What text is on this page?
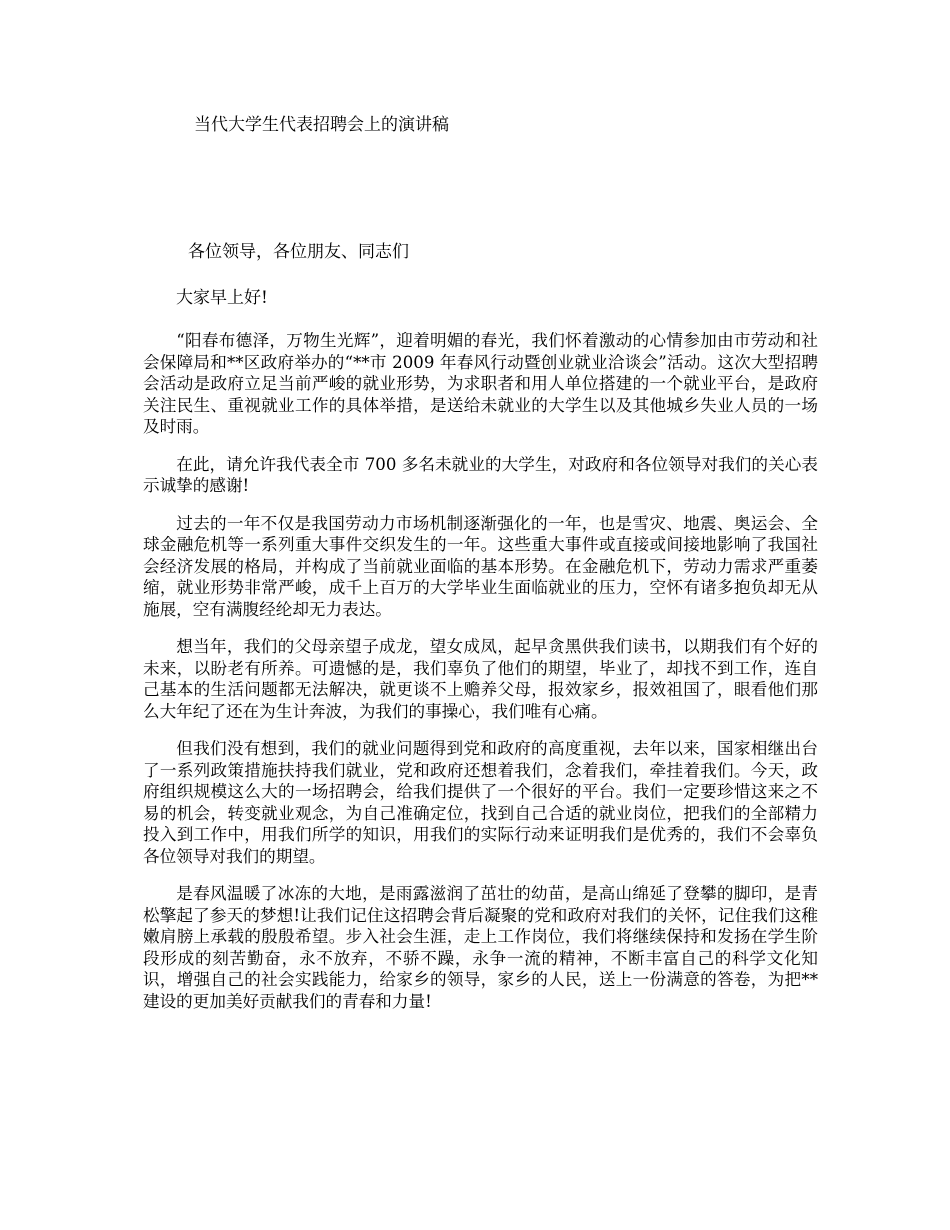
当代大学生代表招聘会上的演讲稿
各位领导，各位朋友、同志们
大家早上好!

“阳春布德泽，万物生光辉”，迎着明媚的春光，我们怀着激动的心情参加由市劳动和社会保障局和**区政府举办的“**市 2009 年春风行动暨创业就业洽谈会”活动。这次大型招聘会活动是政府立足当前严峻的就业形势，为求职者和用人单位搭建的一个就业平台，是政府关注民生、重视就业工作的具体举措，是送给未就业的大学生以及其他城乡失业人员的一场及时雨。

在此，请允许我代表全市 700 多名未就业的大学生，对政府和各位领导对我们的关心表示诚挚的感谢!

过去的一年不仅是我国劳动力市场机制逐渐强化的一年，也是雪灾、地震、奥运会、全球金融危机等一系列重大事件交织发生的一年。这些重大事件或直接或间接地影响了我国社会经济发展的格局，并构成了当前就业面临的基本形势。在金融危机下，劳动力需求严重萎缩，就业形势非常严峻，成千上百万的大学毕业生面临就业的压力，空怀有诸多抱负却无从施展，空有满腹经纶却无力表达。

想当年，我们的父母亲望子成龙，望女成凤，起早贪黑供我们读书，以期我们有个好的未来，以盼老有所养。可遗憾的是，我们辜负了他们的期望，毕业了，却找不到工作，连自己基本的生活问题都无法解决，就更谈不上赡养父母，报效家乡，报效祖国了，眼看他们那么大年纪了还在为生计奔波，为我们的事操心，我们唯有心痛。

但我们没有想到，我们的就业问题得到党和政府的高度重视，去年以来，国家相继出台了一系列政策措施扶持我们就业，党和政府还想着我们，念着我们，牵挂着我们。今天，政府组织规模这么大的一场招聘会，给我们提供了一个很好的平台。我们一定要珍惜这来之不易的机会，转变就业观念，为自己准确定位，找到自己合适的就业岗位，把我们的全部精力投入到工作中，用我们所学的知识，用我们的实际行动来证明我们是优秀的，我们不会辜负各位领导对我们的期望。

是春风温暖了冰冻的大地，是雨露滋润了茁壮的幼苗，是高山绵延了登攀的脚印，是青松擎起了参天的梦想!让我们记住这招聘会背后凝聚的党和政府对我们的关怀，记住我们这稚嫩肩膀上承载的殷殷希望。步入社会生涯，走上工作岗位，我们将继续保持和发扬在学生阶段形成的刻苦勤奋，永不放弃，不骄不躁，永争一流的精神，不断丰富自己的科学文化知识，增强自己的社会实践能力，给家乡的领导，家乡的人民，送上一份满意的答卷，为把**建设的更加美好贡献我们的青春和力量!
